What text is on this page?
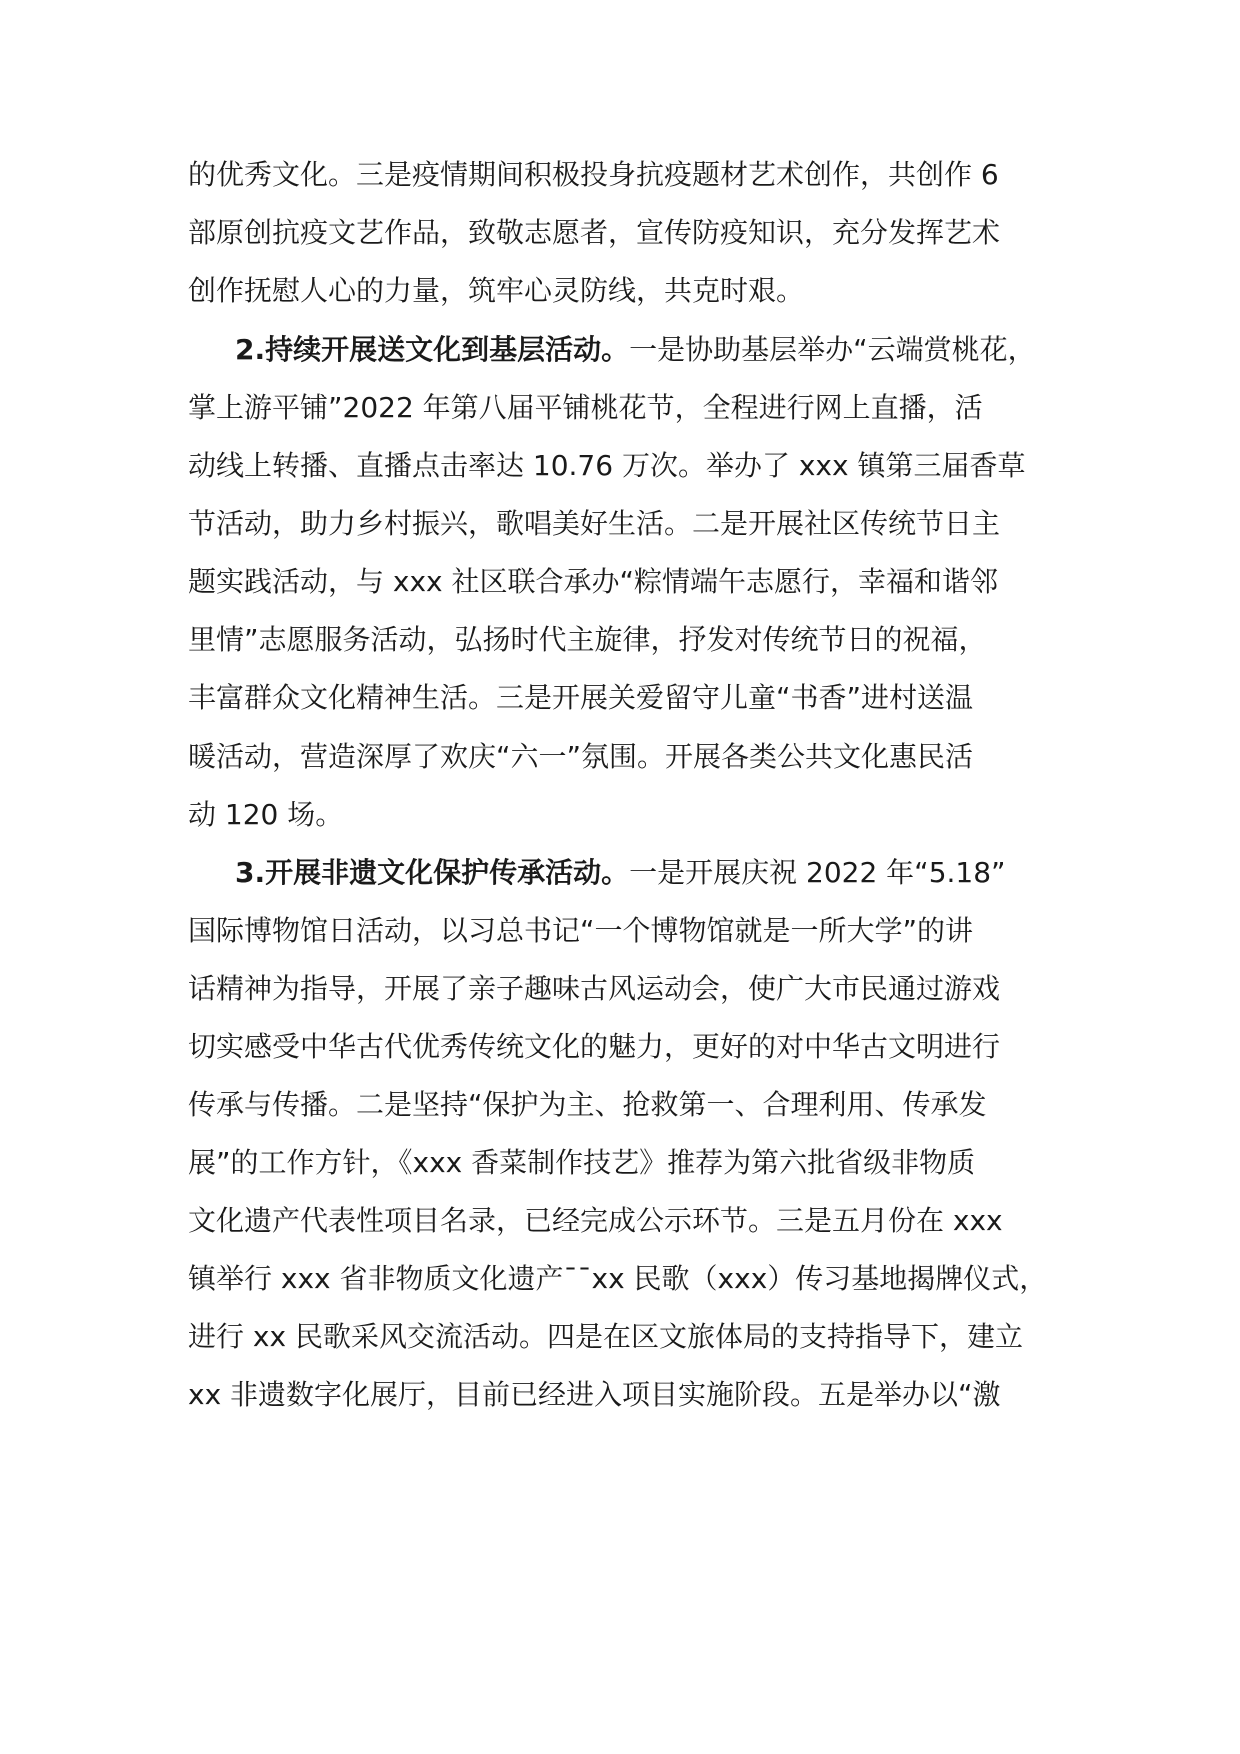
的优秀文化。三是疫情期间积极投身抗疫题材艺术创作，共创作 6
部原创抗疫文艺作品，致敬志愿者，宣传防疫知识，充分发挥艺术
创作抚慰人心的力量，筑牢心灵防线，共克时艰。
2.持续开展送文化到基层活动。一是协助基层举办“云端赏桃花，
掌上游平铺”2022 年第八届平铺桃花节，全程进行网上直播，活
动线上转播、直播点击率达 10.76 万次。举办了 xxx 镇第三届香草
节活动，助力乡村振兴，歌唱美好生活。二是开展社区传统节日主
题实践活动，与 xxx 社区联合承办“粽情端午志愿行，幸福和谐邻
里情”志愿服务活动，弘扬时代主旋律，抒发对传统节日的祝福，
丰富群众文化精神生活。三是开展关爱留守儿童“书香”进村送温
暖活动，营造深厚了欢庆“六一”氛围。开展各类公共文化惠民活
动 120 场。
3.开展非遗文化保护传承活动。一是开展庆祝 2022 年“5.18”
国际博物馆日活动，以习总书记“一个博物馆就是一所大学”的讲
话精神为指导，开展了亲子趣味古风运动会，使广大市民通过游戏
切实感受中华古代优秀传统文化的魅力，更好的对中华古文明进行
传承与传播。二是坚持“保护为主、抢救第一、合理利用、传承发
展”的工作方针，《xxx 香菜制作技艺》推荐为第六批省级非物质
文化遗产代表性项目名录，已经完成公示环节。三是五月份在 xxx
镇举行 xxx 省非物质文化遗产¯¯xx 民歌（xxx）传习基地揭牌仪式，
进行 xx 民歌采风交流活动。四是在区文旅体局的支持指导下，建立
xx 非遗数字化展厅，目前已经进入项目实施阶段。五是举办以“激
